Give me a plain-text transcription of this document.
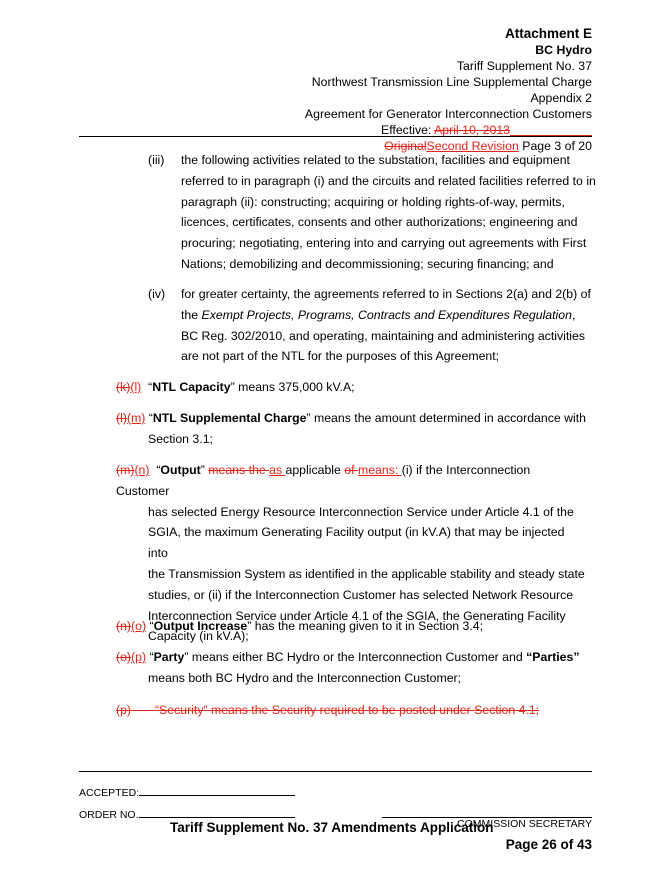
Attachment E
BC Hydro
Tariff Supplement No. 37
Northwest Transmission Line Supplemental Charge
Appendix 2
Agreement for Generator Interconnection Customers
Effective: April 10, 2013
OriginalSecond Revision Page 3 of 20
(iii) the following activities related to the substation, facilities and equipment
referred to in paragraph (i) and the circuits and related facilities referred to in
paragraph (ii): constructing; acquiring or holding rights-of-way, permits,
licences, certificates, consents and other authorizations; engineering and
procuring; negotiating, entering into and carrying out agreements with First
Nations; demobilizing and decommissioning; securing financing; and
(iv) for greater certainty, the agreements referred to in Sections 2(a) and 2(b) of
the Exempt Projects, Programs, Contracts and Expenditures Regulation,
BC Reg. 302/2010, and operating, maintaining and administering activities
are not part of the NTL for the purposes of this Agreement;
(k)(l) “NTL Capacity” means 375,000 kV.A;
(l)(m) “NTL Supplemental Charge” means the amount determined in accordance with
Section 3.1;
(m)(n) “Output” means the as applicable of means: (i) if the Interconnection Customer
has selected Energy Resource Interconnection Service under Article 4.1 of the
SGIA, the maximum Generating Facility output (in kV.A) that may be injected into
the Transmission System as identified in the applicable stability and steady state
studies, or (ii) if the Interconnection Customer has selected Network Resource
Interconnection Service under Article 4.1 of the SGIA, the Generating Facility
Capacity (in kV.A);
(n)(o) “Output Increase” has the meaning given to it in Section 3.4;
(o)(p) “Party” means either BC Hydro or the Interconnection Customer and “Parties”
means both BC Hydro and the Interconnection Customer;
(p) “Security” means the Security required to be posted under Section 4.1;
ACCEPTED:
ORDER NO.
COMMISSION SECRETARY
Tariff Supplement No. 37 Amendments Application
Page 26 of 43
